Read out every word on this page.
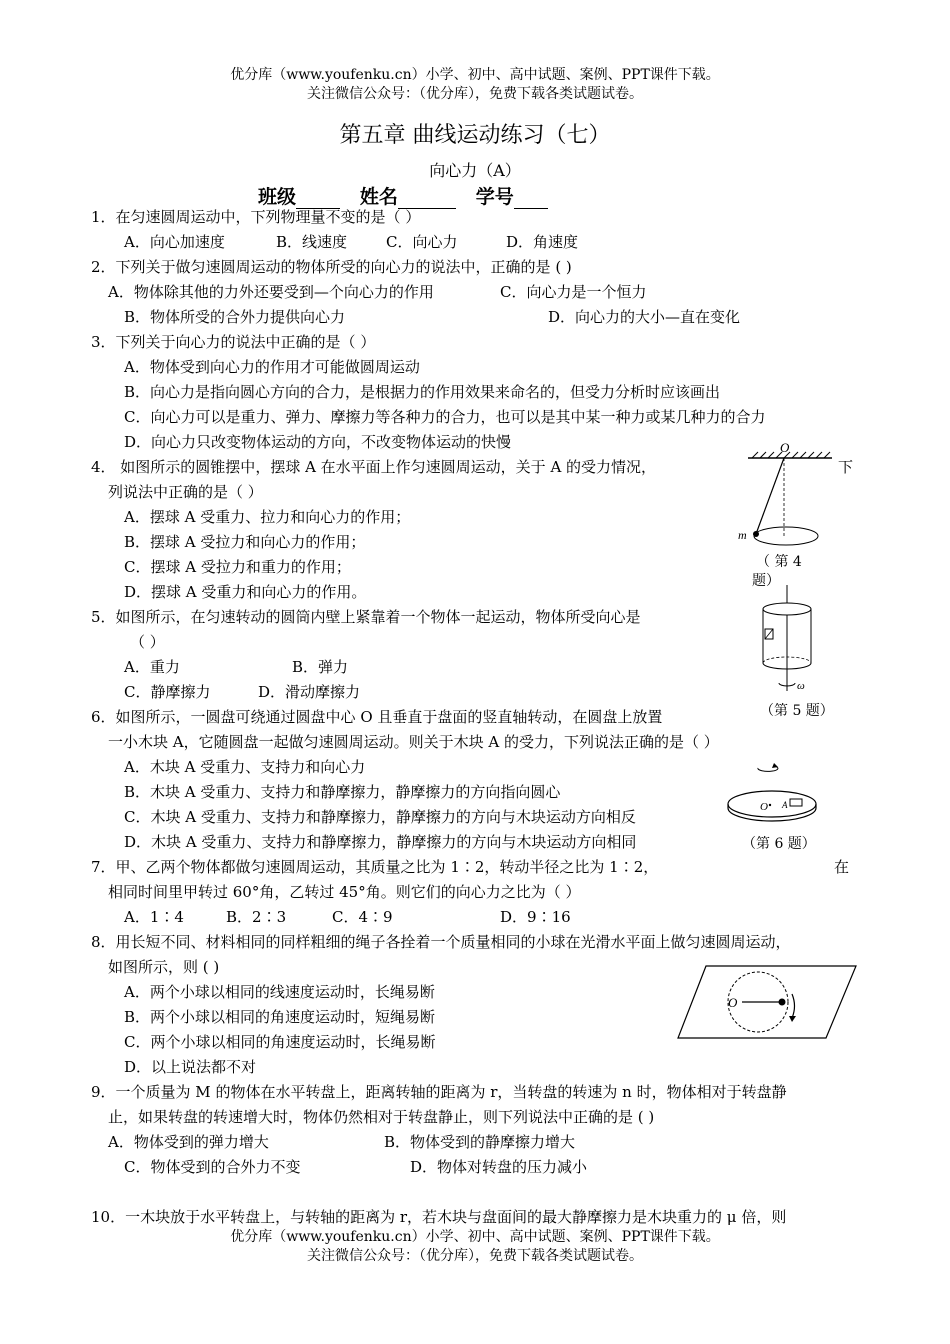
优分库（www.youfenku.cn）小学、初中、高中试题、案例、PPT课件下载。
关注微信公众号：（优分库），免费下载各类试题试卷。
第五章 曲线运动练习（七）
向心力（A）
班级	姓名	学号
1．在匀速圆周运动中，下列物理量不变的是（ ）
A．向心加速度	B．线速度	C．向心力	D．角速度
2．下列关于做匀速圆周运动的物体所受的向心力的说法中，正确的是 ( )
A．物体除其他的力外还要受到—个向心力的作用	C．向心力是一个恒力
B．物体所受的合外力提供向心力	D．向心力的大小—直在变化
3．下列关于向心力的说法中正确的是（ ）
A．物体受到向心力的作用才可能做圆周运动
B．向心力是指向圆心方向的合力，是根据力的作用效果来命名的，但受力分析时应该画出
C．向心力可以是重力、弹力、摩擦力等各种力的合力，也可以是其中某一种力或某几种力的合力
D．向心力只改变物体运动的方向，不改变物体运动的快慢
4． 如图所示的圆锥摆中，摆球 A 在水平面上作匀速圆周运动，关于 A 的受力情况，	下
列说法中正确的是（ ）
A．摆球 A 受重力、拉力和向心力的作用；
B．摆球 A 受拉力和向心力的作用；
C．摆球 A 受拉力和重力的作用；
D．摆球 A 受重力和向心力的作用。
O
m
（ 第 4
题）
5．如图所示，在匀速转动的圆筒内壁上紧靠着一个物体一起运动，物体所受向心是
（ ）
A．重力	B．弹力
C．静摩擦力	D．滑动摩擦力	ω
（第 5 题）
6．如图所示，一圆盘可绕通过圆盘中心 O 且垂直于盘面的竖直轴转动，在圆盘上放置
一小木块 A，它随圆盘一起做匀速圆周运动。则关于木块 A 的受力，下列说法正确的是（ ）
A．木块 A 受重力、支持力和向心力
B．木块 A 受重力、支持力和静摩擦力，静摩擦力的方向指向圆心
C．木块 A 受重力、支持力和静摩擦力，静摩擦力的方向与木块运动方向相反
D．木块 A 受重力、支持力和静摩擦力，静摩擦力的方向与木块运动方向相同
O A
（第 6 题）
7．甲、乙两个物体都做匀速圆周运动，其质量之比为 1∶2，转动半径之比为 1∶2，	在
相同时间里甲转过 60°角，乙转过 45°角。则它们的向心力之比为（ ）
A．1∶4	B．2∶3	C．4∶9	D．9∶16
8．用长短不同、材料相同的同样粗细的绳子各拴着一个质量相同的小球在光滑水平面上做匀速圆周运动，
如图所示，则 ( )
A．两个小球以相同的线速度运动时，长绳易断
B．两个小球以相同的角速度运动时，短绳易断
C．两个小球以相同的角速度运动时，长绳易断
D．以上说法都不对
O
9．一个质量为 M 的物体在水平转盘上，距离转轴的距离为 r，当转盘的转速为 n 时，物体相对于转盘静
止，如果转盘的转速增大时，物体仍然相对于转盘静止，则下列说法中正确的是 ( )
A．物体受到的弹力增大	B．物体受到的静摩擦力增大
C．物体受到的合外力不变	D．物体对转盘的压力减小
10．一木块放于水平转盘上，与转轴的距离为 r，若木块与盘面间的最大静摩擦力是木块重力的 μ 倍，则
优分库（www.youfenku.cn）小学、初中、高中试题、案例、PPT课件下载。
关注微信公众号：（优分库），免费下载各类试题试卷。
